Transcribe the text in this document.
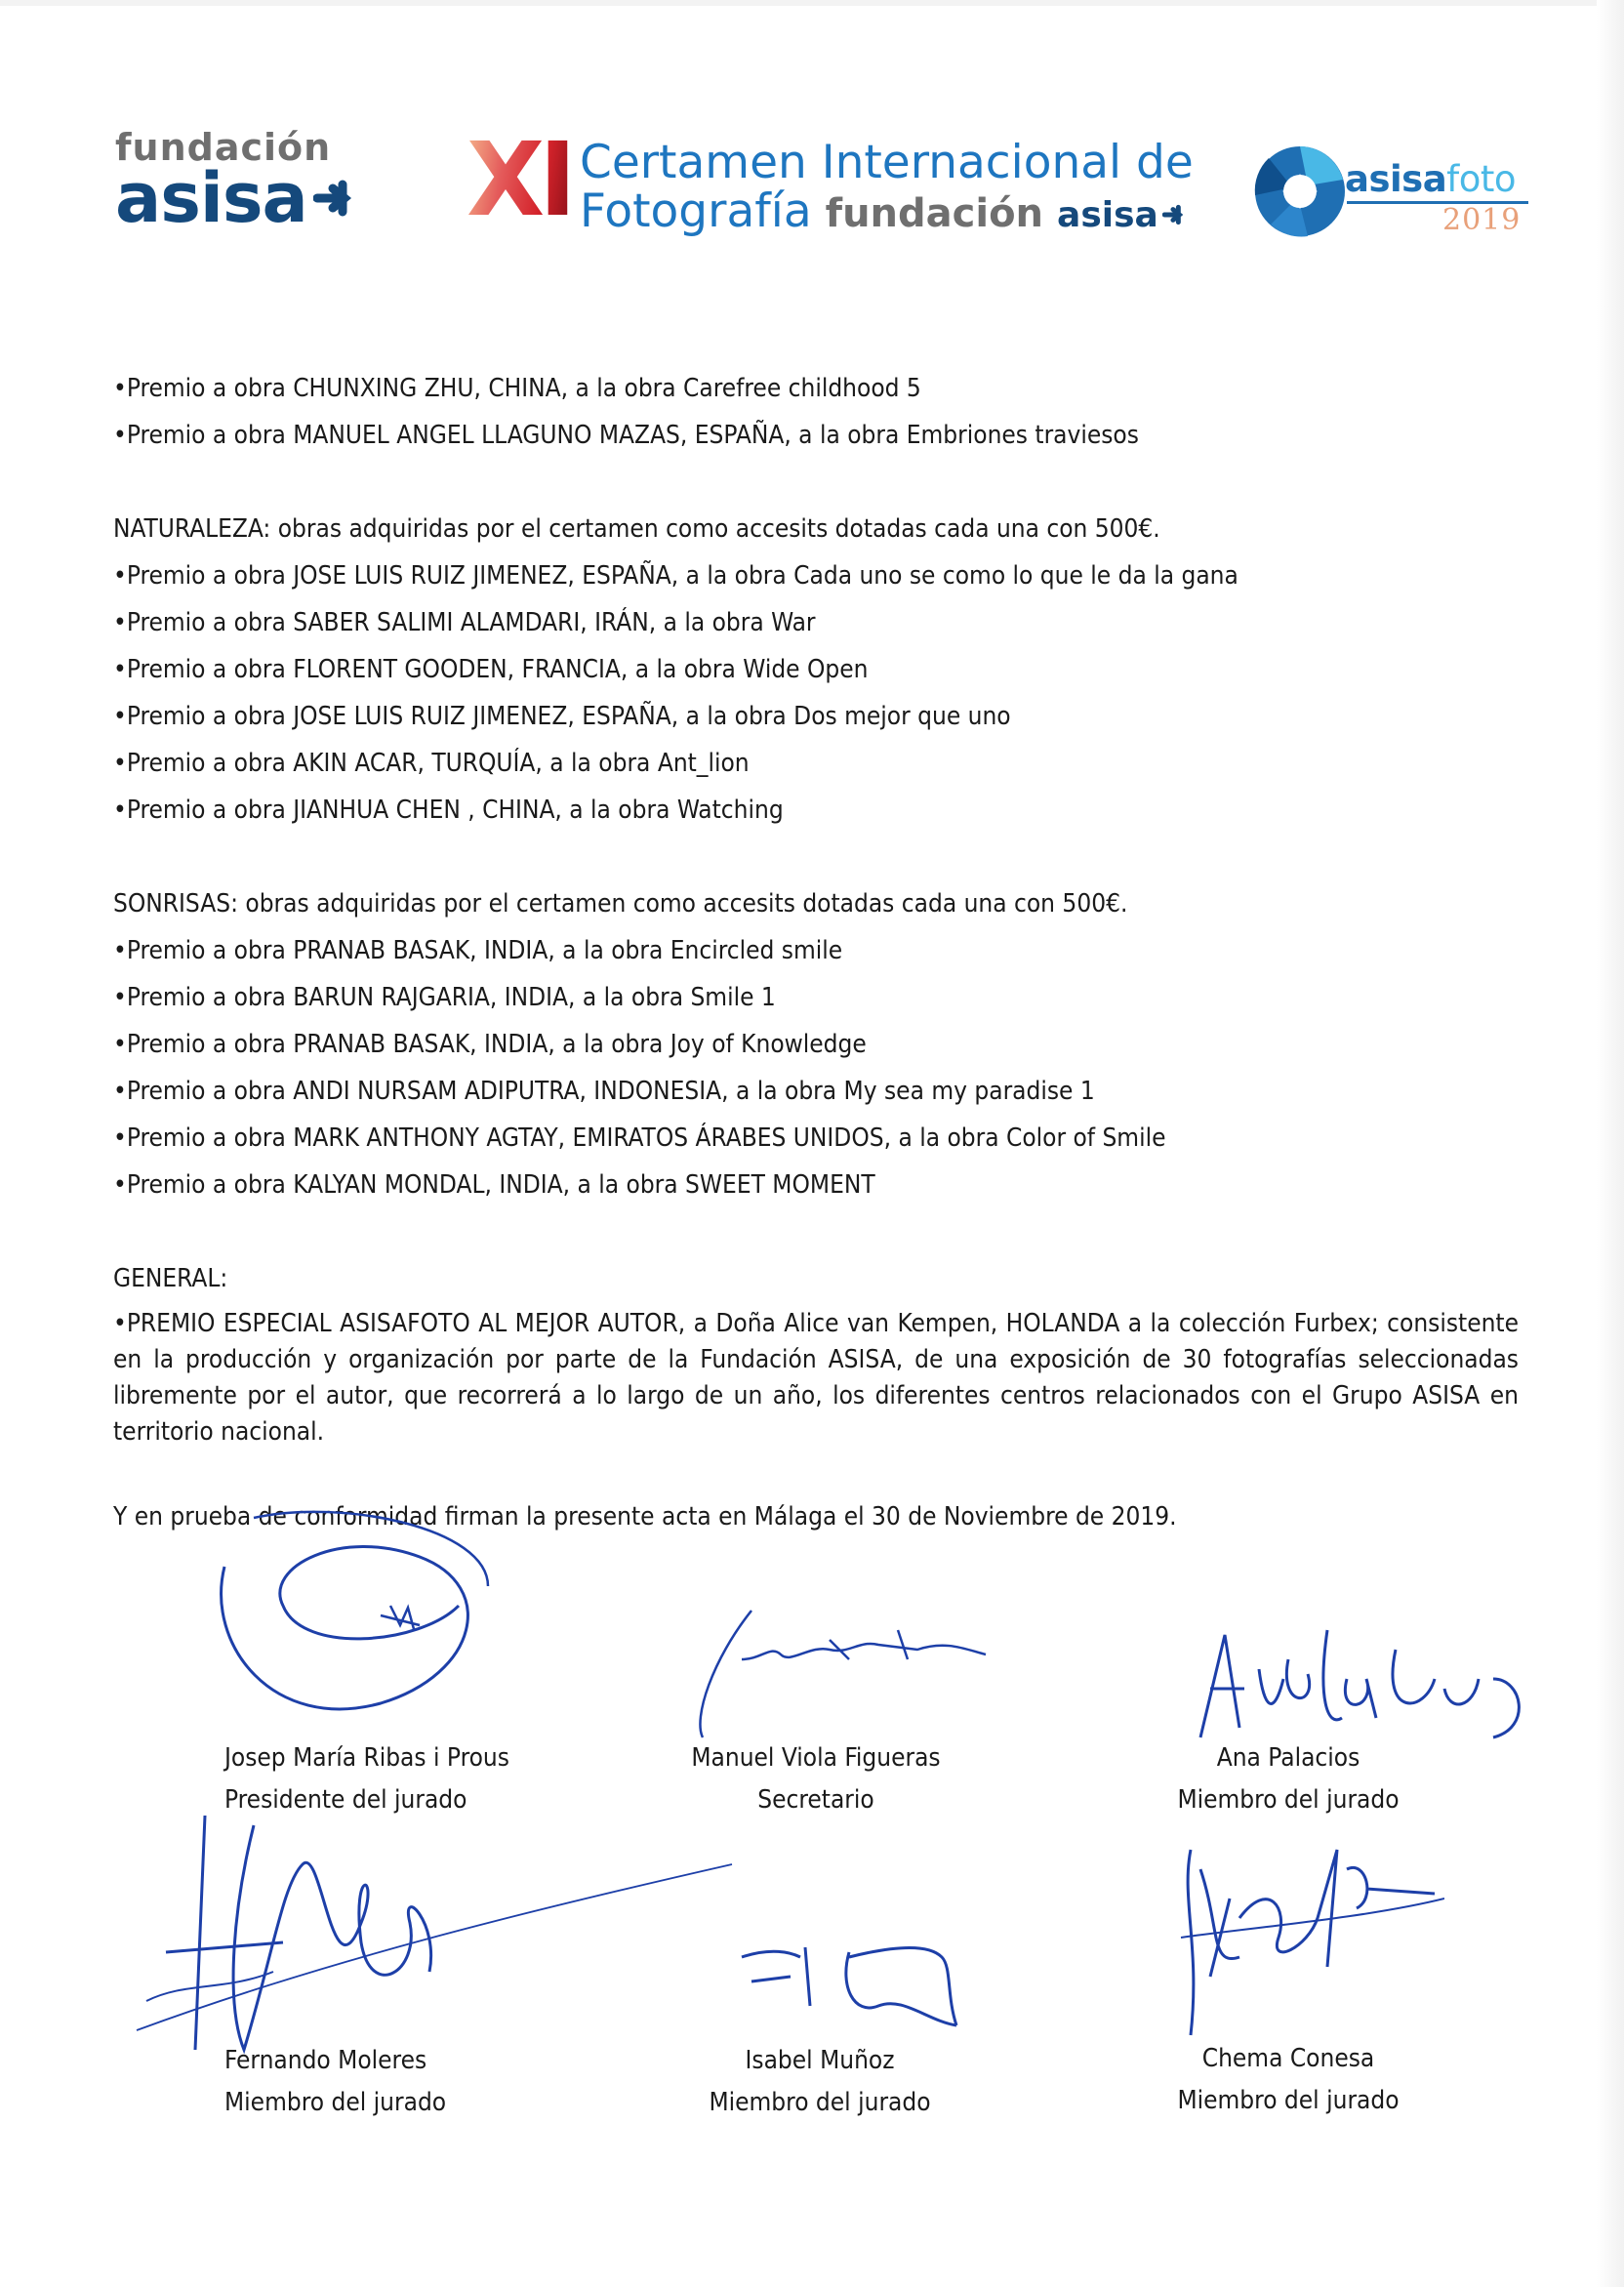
fundación
asisa XI Certamen Internacional de
Fotografía fundación asisa
asisafoto
2019
• Premio a obra CHUNXING ZHU, CHINA, a la obra Carefree childhood 5
• Premio a obra MANUEL ANGEL LLAGUNO MAZAS, ESPAÑA, a la obra Embriones traviesos
NATURALEZA: obras adquiridas por el certamen como accesits dotadas cada una con 500€.
• Premio a obra JOSE LUIS RUIZ JIMENEZ, ESPAÑA, a la obra Cada uno se como lo que le da la gana
• Premio a obra SABER SALIMI ALAMDARI, IRÁN, a la obra War
• Premio a obra FLORENT GOODEN, FRANCIA, a la obra Wide Open
• Premio a obra JOSE LUIS RUIZ JIMENEZ, ESPAÑA, a la obra Dos mejor que uno
• Premio a obra AKIN ACAR, TURQUÍA, a la obra Ant_lion
• Premio a obra JIANHUA CHEN , CHINA, a la obra Watching
SONRISAS: obras adquiridas por el certamen como accesits dotadas cada una con 500€.
• Premio a obra PRANAB BASAK, INDIA, a la obra Encircled smile
• Premio a obra BARUN RAJGARIA, INDIA, a la obra Smile 1
• Premio a obra PRANAB BASAK, INDIA, a la obra Joy of Knowledge
• Premio a obra ANDI NURSAM ADIPUTRA, INDONESIA, a la obra My sea my paradise 1
• Premio a obra MARK ANTHONY AGTAY, EMIRATOS ÁRABES UNIDOS, a la obra Color of Smile
• Premio a obra KALYAN MONDAL, INDIA, a la obra SWEET MOMENT
GENERAL:
• PREMIO ESPECIAL ASISAFOTO AL MEJOR AUTOR, a Doña Alice van Kempen, HOLANDA a la colección Furbex; consistente en la producción y organización por parte de la Fundación ASISA, de una exposición de 30 fotografías seleccionadas libremente por el autor, que recorrerá a lo largo de un año, los diferentes centros relacionados con el Grupo ASISA en territorio nacional.
Y en prueba de conformidad firman la presente acta en Málaga el 30 de Noviembre de 2019.
Josep María Ribas i Prous
Presidente del jurado
Manuel Viola Figueras
Secretario
Ana Palacios
Miembro del jurado
Fernando Moleres
Miembro del jurado
Isabel Muñoz
Miembro del jurado
Chema Conesa
Miembro del jurado
